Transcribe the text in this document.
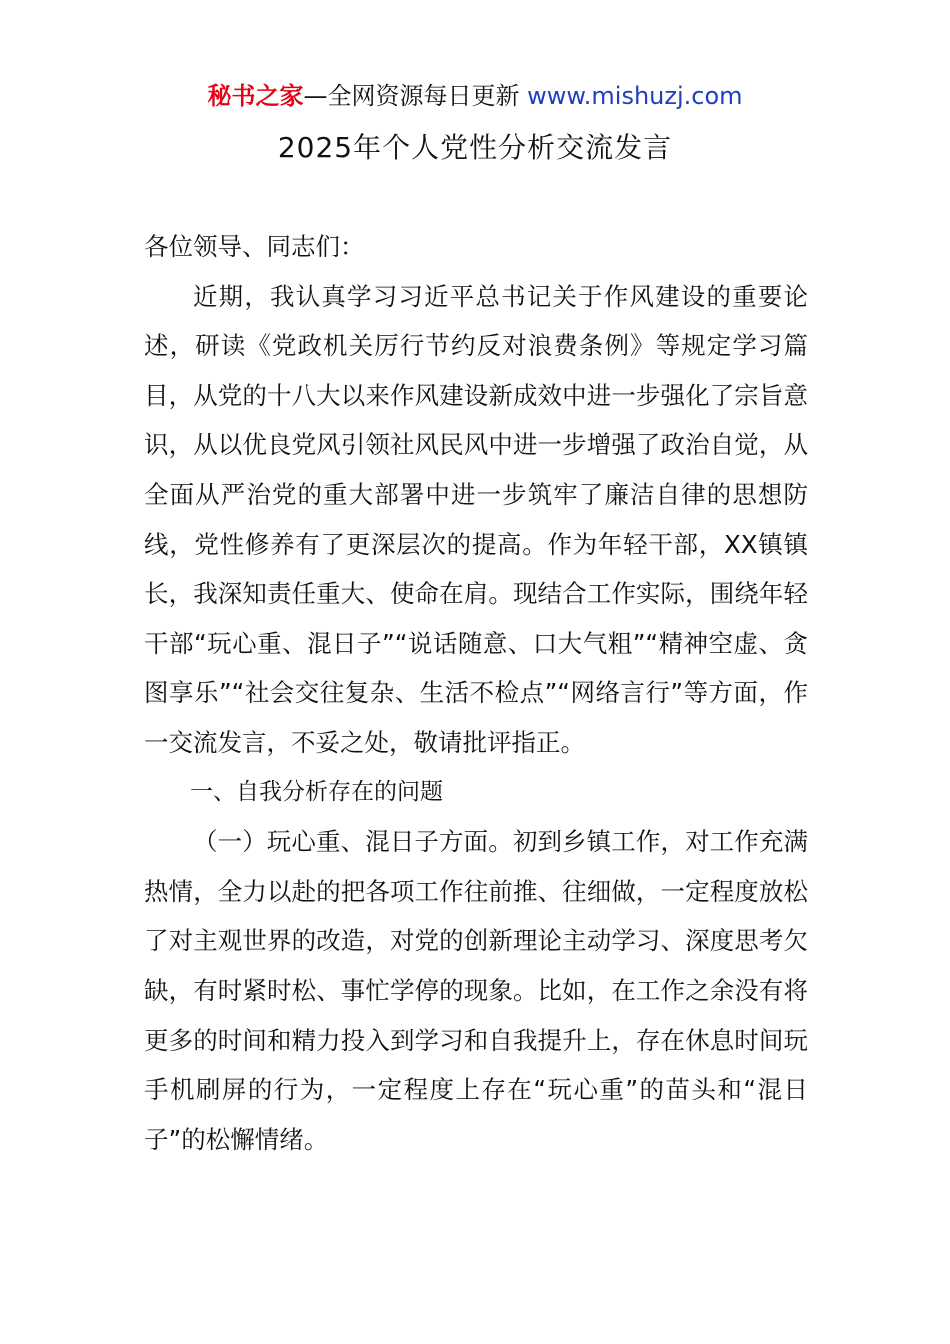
秘书之家—全网资源每日更新 www.mishuzj.com
2025年个人党性分析交流发言

各位领导、同志们：

近期，我认真学习习近平总书记关于作风建设的重要论述，研读《党政机关厉行节约反对浪费条例》等规定学习篇目，从党的十八大以来作风建设新成效中进一步强化了宗旨意识，从以优良党风引领社风民风中进一步增强了政治自觉，从全面从严治党的重大部署中进一步筑牢了廉洁自律的思想防线，党性修养有了更深层次的提高。作为年轻干部，XX镇镇长，我深知责任重大、使命在肩。现结合工作实际，围绕年轻干部“玩心重、混日子”“说话随意、口大气粗”“精神空虚、贪图享乐”“社会交往复杂、生活不检点”“网络言行”等方面，作一交流发言，不妥之处，敬请批评指正。

一、自我分析存在的问题

（一）玩心重、混日子方面。初到乡镇工作，对工作充满热情，全力以赴的把各项工作往前推、往细做，一定程度放松了对主观世界的改造，对党的创新理论主动学习、深度思考欠缺，有时紧时松、事忙学停的现象。比如，在工作之余没有将更多的时间和精力投入到学习和自我提升上，存在休息时间玩手机刷屏的行为，一定程度上存在“玩心重”的苗头和“混日子”的松懈情绪。
